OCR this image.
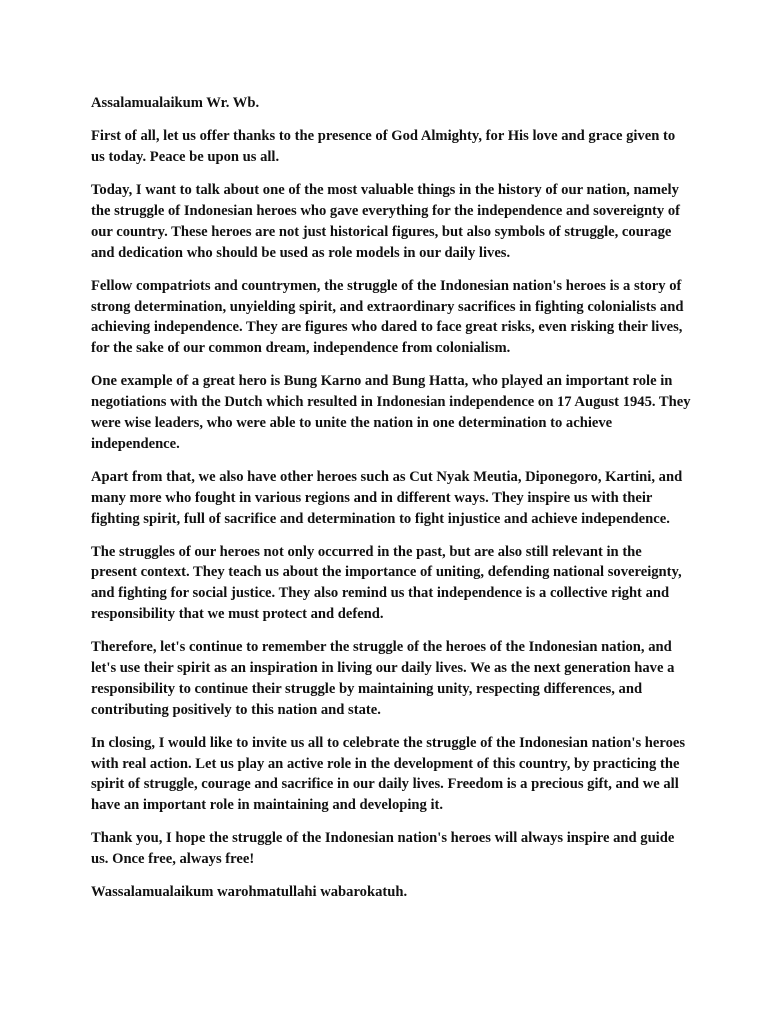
Assalamualaikum Wr. Wb.

First of all, let us offer thanks to the presence of God Almighty, for His love and grace given to us today. Peace be upon us all.

Today, I want to talk about one of the most valuable things in the history of our nation, namely the struggle of Indonesian heroes who gave everything for the independence and sovereignty of our country. These heroes are not just historical figures, but also symbols of struggle, courage and dedication who should be used as role models in our daily lives.

Fellow compatriots and countrymen, the struggle of the Indonesian nation's heroes is a story of strong determination, unyielding spirit, and extraordinary sacrifices in fighting colonialists and achieving independence. They are figures who dared to face great risks, even risking their lives, for the sake of our common dream, independence from colonialism.

One example of a great hero is Bung Karno and Bung Hatta, who played an important role in negotiations with the Dutch which resulted in Indonesian independence on 17 August 1945. They were wise leaders, who were able to unite the nation in one determination to achieve independence.

Apart from that, we also have other heroes such as Cut Nyak Meutia, Diponegoro, Kartini, and many more who fought in various regions and in different ways. They inspire us with their fighting spirit, full of sacrifice and determination to fight injustice and achieve independence.

The struggles of our heroes not only occurred in the past, but are also still relevant in the present context. They teach us about the importance of uniting, defending national sovereignty, and fighting for social justice. They also remind us that independence is a collective right and responsibility that we must protect and defend.

Therefore, let's continue to remember the struggle of the heroes of the Indonesian nation, and let's use their spirit as an inspiration in living our daily lives. We as the next generation have a responsibility to continue their struggle by maintaining unity, respecting differences, and contributing positively to this nation and state.

In closing, I would like to invite us all to celebrate the struggle of the Indonesian nation's heroes with real action. Let us play an active role in the development of this country, by practicing the spirit of struggle, courage and sacrifice in our daily lives. Freedom is a precious gift, and we all have an important role in maintaining and developing it.

Thank you, I hope the struggle of the Indonesian nation's heroes will always inspire and guide us. Once free, always free!

Wassalamualaikum warohmatullahi wabarokatuh.
